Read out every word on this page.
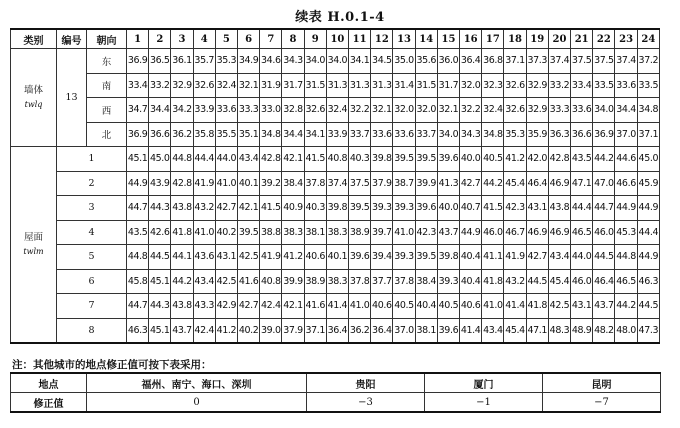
续表 H.0.1-4
类别	编号	朝向	1	2	3	4	5	6	7	8	9	10	11	12	13	14	15	16	17	18	19	20	21	22	23	24
墙体
twlq	13	东	36.9	36.5	36.1	35.7	35.3	34.9	34.6	34.3	34.0	34.0	34.1	34.5	35.0	35.6	36.0	36.4	36.8	37.1	37.3	37.4	37.5	37.5	37.4	37.2
		南	33.4	33.2	32.9	32.6	32.4	32.1	31.9	31.7	31.5	31.3	31.3	31.3	31.4	31.5	31.7	32.0	32.3	32.6	32.9	33.2	33.4	33.5	33.6	33.5
		西	34.7	34.4	34.2	33.9	33.6	33.3	33.0	32.8	32.6	32.4	32.2	32.1	32.0	32.0	32.1	32.2	32.4	32.6	32.9	33.3	33.6	34.0	34.4	34.8
		北	36.9	36.6	36.2	35.8	35.5	35.1	34.8	34.4	34.1	33.9	33.7	33.6	33.6	33.7	34.0	34.3	34.8	35.3	35.9	36.3	36.6	36.9	37.0	37.1
屋面
twlm	1		45.1	45.0	44.8	44.4	44.0	43.4	42.8	42.1	41.5	40.8	40.3	39.8	39.5	39.5	39.6	40.0	40.5	41.2	42.0	42.8	43.5	44.2	44.6	45.0
	2		44.9	43.9	42.8	41.9	41.0	40.1	39.2	38.4	37.8	37.4	37.5	37.9	38.7	39.9	41.3	42.7	44.2	45.4	46.4	46.9	47.1	47.0	46.6	45.9
	3		44.7	44.3	43.8	43.2	42.7	42.1	41.5	40.9	40.3	39.8	39.5	39.3	39.3	39.6	40.0	40.7	41.5	42.3	43.1	43.8	44.4	44.7	44.9	44.9
	4		43.5	42.6	41.8	41.0	40.2	39.5	38.8	38.3	38.1	38.3	38.9	39.7	41.0	42.3	43.7	44.9	46.0	46.7	46.9	46.9	46.5	46.0	45.3	44.4
	5		44.8	44.5	44.1	43.6	43.1	42.5	41.9	41.2	40.6	40.1	39.6	39.4	39.3	39.5	39.8	40.4	41.1	41.9	42.7	43.4	44.0	44.5	44.8	44.9
	6		45.8	45.1	44.2	43.4	42.5	41.6	40.8	39.9	38.9	38.3	37.8	37.7	37.8	38.4	39.3	40.4	41.8	43.2	44.5	45.4	46.0	46.4	46.5	46.3
	7		44.7	44.3	43.8	43.3	42.9	42.7	42.4	42.1	41.6	41.4	41.0	40.6	40.5	40.4	40.5	40.6	41.0	41.4	41.8	42.5	43.1	43.7	44.2	44.5
	8		46.3	45.1	43.7	42.4	41.2	40.2	39.0	37.9	37.1	36.4	36.2	36.4	37.0	38.1	39.6	41.4	43.4	45.4	47.1	48.3	48.9	48.2	48.0	47.3
注：其他城市的地点修正值可按下表采用：
地点	福州、南宁、海口、深圳	贵阳	厦门	昆明
修正值	0	−3	−1	−7
